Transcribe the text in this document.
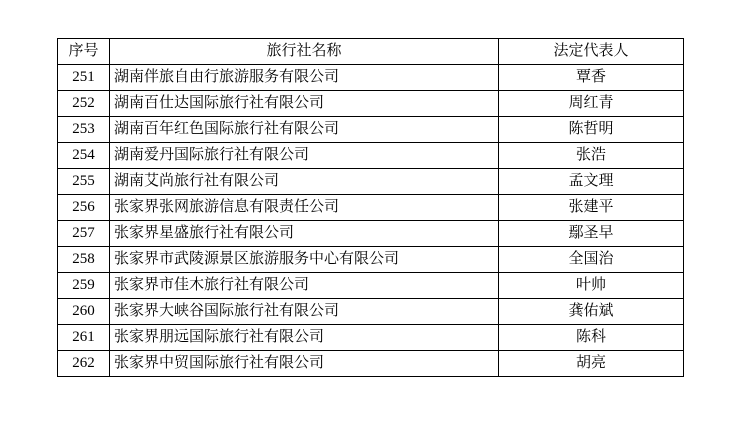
序号	旅行社名称	法定代表人
251	湖南伴旅自由行旅游服务有限公司	覃香
252	湖南百仕达国际旅行社有限公司	周红青
253	湖南百年红色国际旅行社有限公司	陈哲明
254	湖南爱丹国际旅行社有限公司	张浩
255	湖南艾尚旅行社有限公司	孟文理
256	张家界张网旅游信息有限责任公司	张建平
257	张家界星盛旅行社有限公司	鄢圣早
258	张家界市武陵源景区旅游服务中心有限公司	全国治
259	张家界市佳木旅行社有限公司	叶帅
260	张家界大峡谷国际旅行社有限公司	龚佑斌
261	张家界朋远国际旅行社有限公司	陈科
262	张家界中贸国际旅行社有限公司	胡亮
